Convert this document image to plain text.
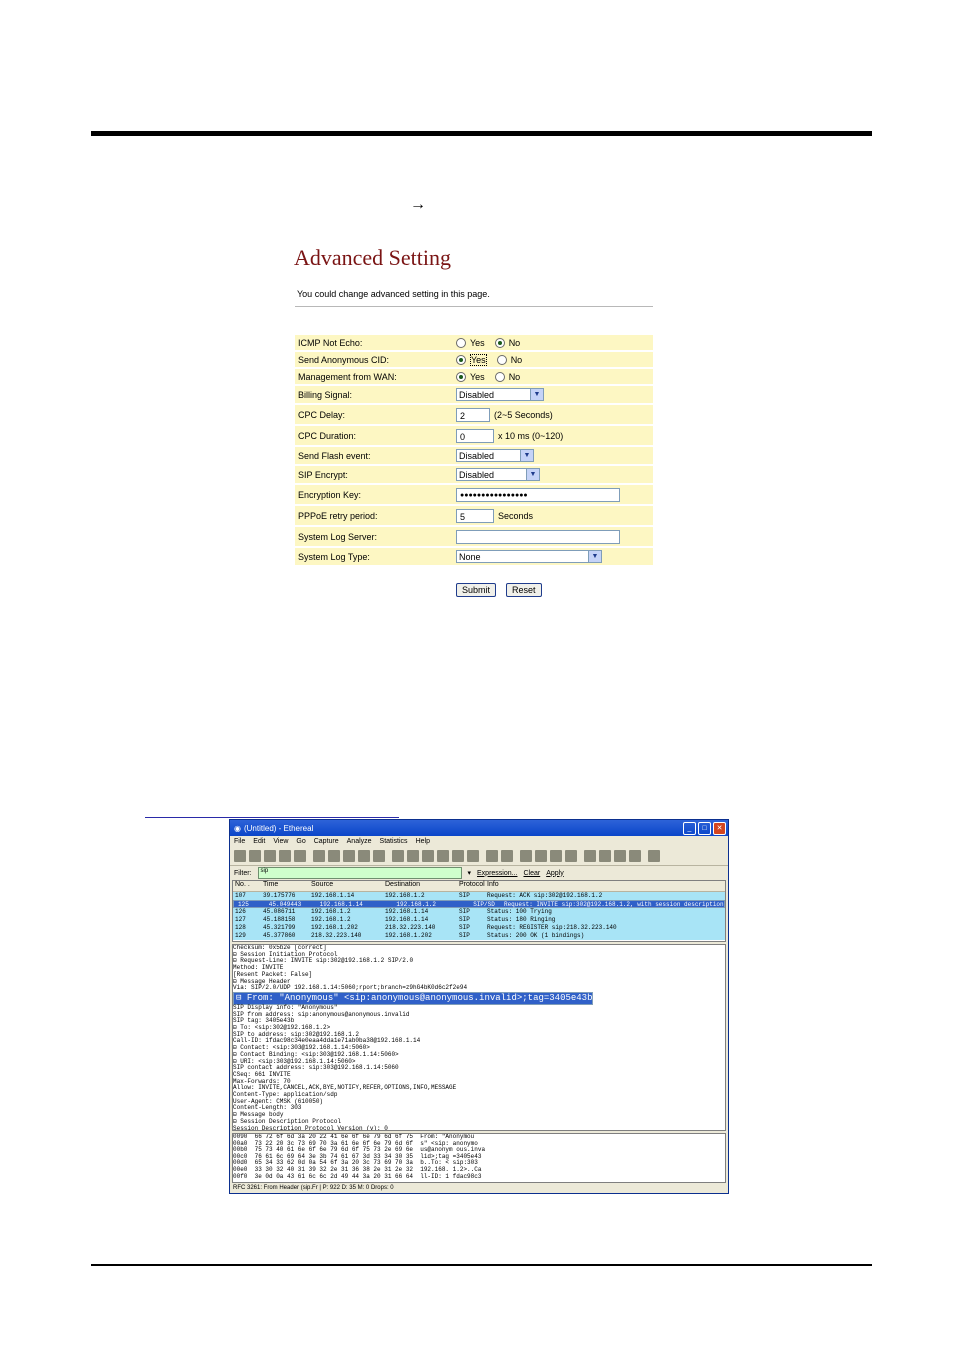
→
Advanced Setting
You could change advanced setting in this page.
ICMP Not Echo:	Yes	No
Send Anonymous CID:	Yes	No
Management from WAN:	Yes	No
Billing Signal:	Disabled	▼
CPC Delay:	2	(2~5 Seconds)
CPC Duration:	0	x 10 ms (0~120)
Send Flash event:	Disabled	▼
SIP Encrypt:	Disabled	▼
Encryption Key:	●●●●●●●●●●●●●●●●
PPPoE retry period:	5	Seconds
System Log Server:
System Log Type:	None	▼
Submit	Reset
◉ (Untitled) - Ethereal	_	□	✕
File Edit View Go Capture Analyze Statistics Help
Filter:	sip	▾ Expression... Clear Apply
No. .	Time	Source	Destination	Protocol Info
107	39.175776	192.168.1.14	192.168.1.2	SIP	Request: ACK sip:302@192.168.1.2
125	45.049443	192.168.1.14	192.168.1.2	SIP/SD	Request: INVITE sip:302@192.168.1.2, with session description
126	45.086711	192.168.1.2	192.168.1.14	SIP	Status: 100 Trying
127	45.188158	192.168.1.2	192.168.1.14	SIP	Status: 180 Ringing
128	45.321799	192.168.1.202	218.32.223.140	SIP	Request: REGISTER sip:218.32.223.140
129	45.377860	218.32.223.140	192.168.1.202	SIP	Status: 200 OK (1 bindings)
Checksum: 0x5b2e [correct]
⊟ Session Initiation Protocol
⊟ Request-Line: INVITE sip:302@192.168.1.2 SIP/2.0
Method: INVITE
[Resent Packet: False]
⊟ Message Header
Via: SIP/2.0/UDP 192.168.1.14:5060;rport;branch=z9hG4bK0d6c2f2e94
⊟ From: "Anonymous" <sip:anonymous@anonymous.invalid>;tag=3405e43b
SIP Display info: "Anonymous"
SIP from address: sip:anonymous@anonymous.invalid
SIP tag: 3405e43b
⊟ To: <sip:302@192.168.1.2>
SIP to address: sip:302@192.168.1.2
Call-ID: 1fdac98c34e0eaa4dda1e71ab0ba38@192.168.1.14
⊟ Contact: <sip:303@192.168.1.14:5060>
⊟ Contact Binding: <sip:303@192.168.1.14:5060>
⊟ URI: <sip:303@192.168.1.14:5060>
SIP contact address: sip:303@192.168.1.14:5060
CSeq: 661 INVITE
Max-Forwards: 70
Allow: INVITE,CANCEL,ACK,BYE,NOTIFY,REFER,OPTIONS,INFO,MESSAGE
Content-Type: application/sdp
User-Agent: CMSK (610050)
Content-Length: 303
⊟ Message body
⊟ Session Description Protocol
Session Description Protocol Version (v): 0
0090  66 72 6f 6d 3a 20 22 41 6e 6f 6e 79 6d 6f 75  From: "Anonymou
00a0  73 22 20 3c 73 69 70 3a 61 6e 6f 6e 79 6d 6f  s" <sip: anonymo
00b0  75 73 40 61 6e 6f 6e 79 6d 6f 75 73 2e 69 6e  us@anonym ous.inva
00c0  76 61 6c 69 64 3e 3b 74 61 67 3d 33 34 30 35  lid>;tag =3405e43
00d0  65 34 33 62 0d 0a 54 6f 3a 20 3c 73 69 70 3a  b..To: < sip:303
00e0  33 30 32 40 31 39 32 2e 31 36 38 2e 31 2e 32  192.168. 1.2>..Ca
00f0  3e 0d 0a 43 61 6c 6c 2d 49 44 3a 20 31 66 64  ll-ID: 1 fdac98c3
RFC 3261: From Header (sip.Fr | P: 922 D: 35 M: 0 Drops: 0
